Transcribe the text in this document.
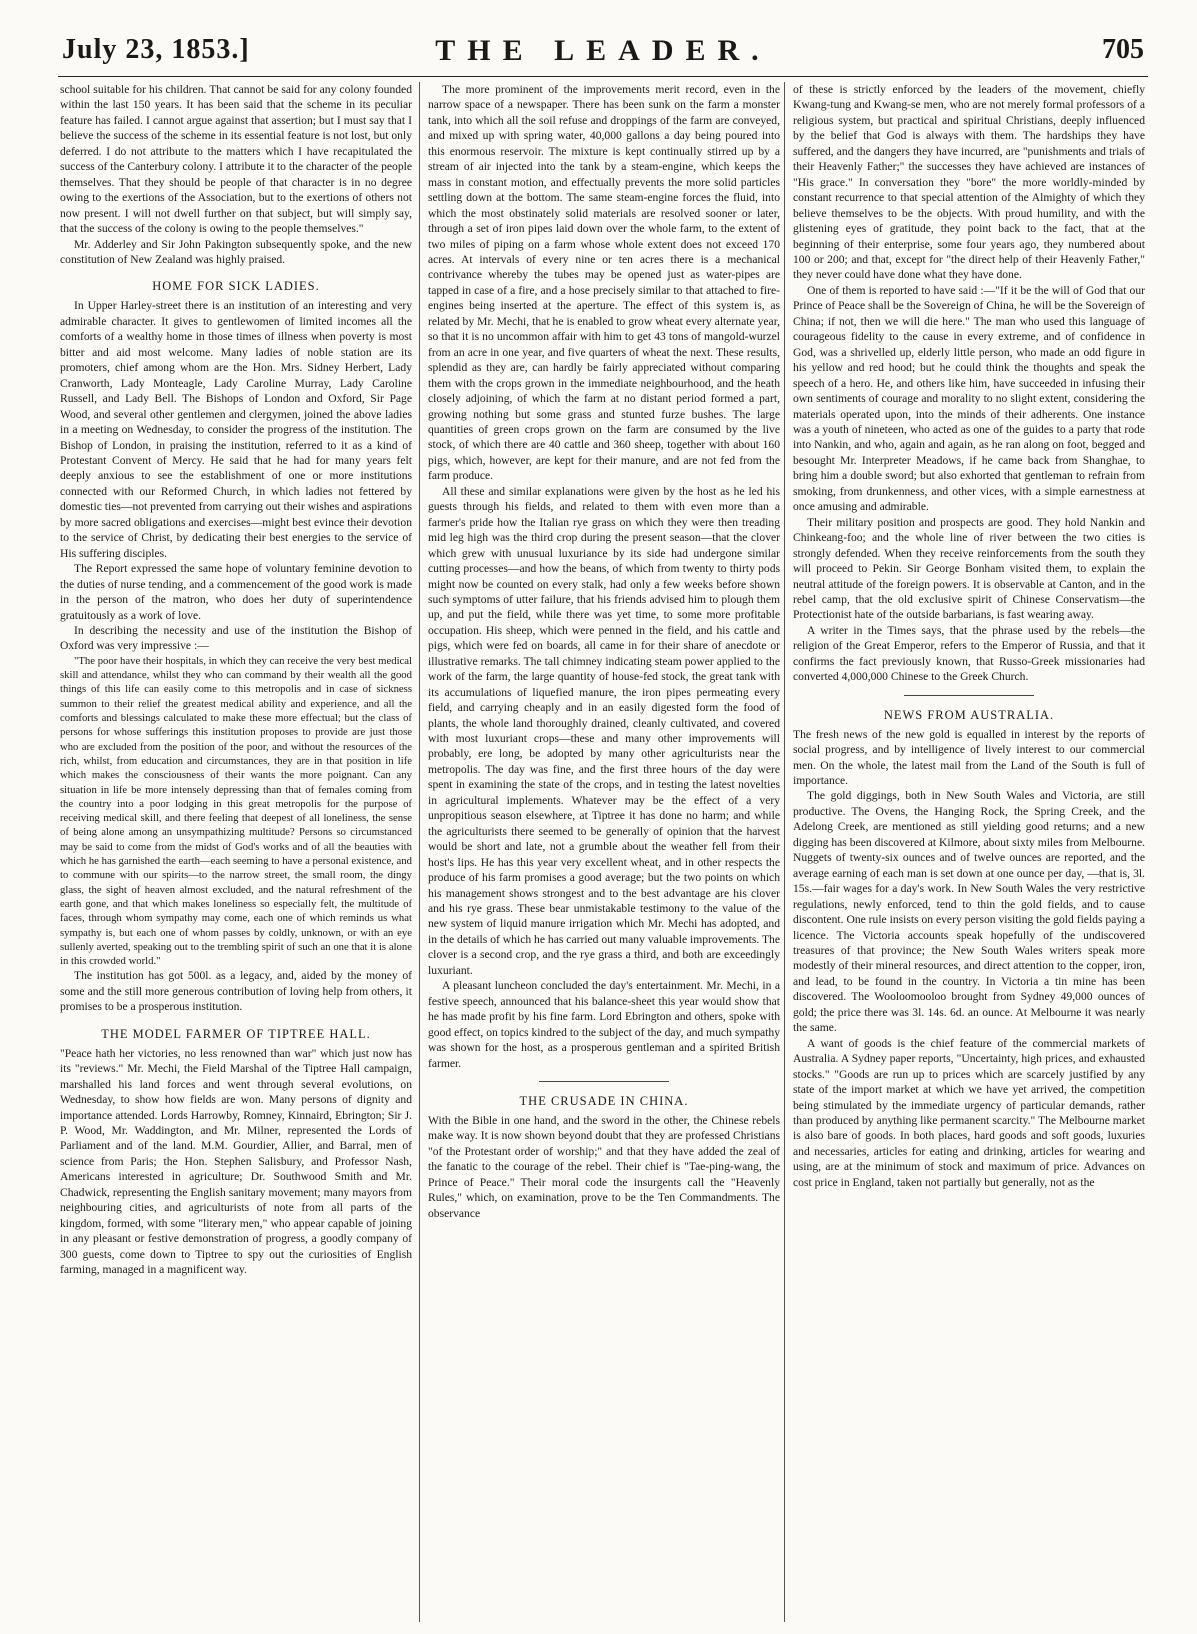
July 23, 1853.]	THE LEADER.	705

school suitable for his children. That cannot be said for any colony founded within the last 150 years. It has been said that the scheme in its peculiar feature has failed. I cannot argue against that assertion; but I must say that I believe the success of the scheme in its essential feature is not lost, but only deferred. I do not attribute to the matters which I have recapitulated the success of the Canterbury colony. I attribute it to the character of the people themselves. That they should be people of that character is in no degree owing to the exertions of the Association, but to the exertions of others not now present. I will not dwell further on that subject, but will simply say, that the success of the colony is owing to the people themselves."

Mr. Adderley and Sir John Pakington subsequently spoke, and the new constitution of New Zealand was highly praised.

HOME FOR SICK LADIES.

In Upper Harley-street there is an institution of an interesting and very admirable character. It gives to gentlewomen of limited incomes all the comforts of a wealthy home in those times of illness when poverty is most bitter and aid most welcome. Many ladies of noble station are its promoters, chief among whom are the Hon. Mrs. Sidney Herbert, Lady Cranworth, Lady Monteagle, Lady Caroline Murray, Lady Caroline Russell, and Lady Bell. The Bishops of London and Oxford, Sir Page Wood, and several other gentlemen and clergymen, joined the above ladies in a meeting on Wednesday, to consider the progress of the institution. The Bishop of London, in praising the institution, referred to it as a kind of Protestant Convent of Mercy. He said that he had for many years felt deeply anxious to see the establishment of one or more institutions connected with our Reformed Church, in which ladies not fettered by domestic ties—not prevented from carrying out their wishes and aspirations by more sacred obligations and exercises—might best evince their devotion to the service of Christ, by dedicating their best energies to the service of His suffering disciples.

The Report expressed the same hope of voluntary feminine devotion to the duties of nurse tending, and a commencement of the good work is made in the person of the matron, who does her duty of superintendence gratuitously as a work of love.

In describing the necessity and use of the institution the Bishop of Oxford was very impressive :—

"The poor have their hospitals, in which they can receive the very best medical skill and attendance, whilst they who can command by their wealth all the good things of this life can easily come to this metropolis and in case of sickness summon to their relief the greatest medical ability and experience, and all the comforts and blessings calculated to make these more effectual; but the class of persons for whose sufferings this institution proposes to provide are just those who are excluded from the position of the poor, and without the resources of the rich, whilst, from education and circumstances, they are in that position in life which makes the consciousness of their wants the more poignant. Can any situation in life be more intensely depressing than that of females coming from the country into a poor lodging in this great metropolis for the purpose of receiving medical skill, and there feeling that deepest of all loneliness, the sense of being alone among an unsympathizing multitude? Persons so circumstanced may be said to come from the midst of God's works and of all the beauties with which he has garnished the earth—each seeming to have a personal existence, and to commune with our spirits—to the narrow street, the small room, the dingy glass, the sight of heaven almost excluded, and the natural refreshment of the earth gone, and that which makes loneliness so especially felt, the multitude of faces, through whom sympathy may come, each one of which reminds us what sympathy is, but each one of whom passes by coldly, unknown, or with an eye sullenly averted, speaking out to the trembling spirit of such an one that it is alone in this crowded world."

The institution has got 500l. as a legacy, and, aided by the money of some and the still more generous contribution of loving help from others, it promises to be a prosperous institution.

THE MODEL FARMER OF TIPTREE HALL.

"Peace hath her victories, no less renowned than war" which just now has its "reviews." Mr. Mechi, the Field Marshal of the Tiptree Hall campaign, marshalled his land forces and went through several evolutions, on Wednesday, to show how fields are won. Many persons of dignity and importance attended. Lords Harrowby, Romney, Kinnaird, Ebrington; Sir J. P. Wood, Mr. Waddington, and Mr. Milner, represented the Lords of Parliament and of the land. M.M. Gourdier, Allier, and Barral, men of science from Paris; the Hon. Stephen Salisbury, and Professor Nash, Americans interested in agriculture; Dr. Southwood Smith and Mr. Chadwick, representing the English sanitary movement; many mayors from neighbouring cities, and agriculturists of note from all parts of the kingdom, formed, with some "literary men," who appear capable of joining in any pleasant or festive demonstration of progress, a goodly company of 300 guests, come down to Tiptree to spy out the curiosities of English farming, managed in a magnificent way.

The more prominent of the improvements merit record, even in the narrow space of a newspaper. There has been sunk on the farm a monster tank, into which all the soil refuse and droppings of the farm are conveyed, and mixed up with spring water, 40,000 gallons a day being poured into this enormous reservoir. The mixture is kept continually stirred up by a stream of air injected into the tank by a steam-engine, which keeps the mass in constant motion, and effectually prevents the more solid particles settling down at the bottom. The same steam-engine forces the fluid, into which the most obstinately solid materials are resolved sooner or later, through a set of iron pipes laid down over the whole farm, to the extent of two miles of piping on a farm whose whole extent does not exceed 170 acres. At intervals of every nine or ten acres there is a mechanical contrivance whereby the tubes may be opened just as water-pipes are tapped in case of a fire, and a hose precisely similar to that attached to fire-engines being inserted at the aperture. The effect of this system is, as related by Mr. Mechi, that he is enabled to grow wheat every alternate year, so that it is no uncommon affair with him to get 43 tons of mangold-wurzel from an acre in one year, and five quarters of wheat the next. These results, splendid as they are, can hardly be fairly appreciated without comparing them with the crops grown in the immediate neighbourhood, and the heath closely adjoining, of which the farm at no distant period formed a part, growing nothing but some grass and stunted furze bushes. The large quantities of green crops grown on the farm are consumed by the live stock, of which there are 40 cattle and 360 sheep, together with about 160 pigs, which, however, are kept for their manure, and are not fed from the farm produce.

All these and similar explanations were given by the host as he led his guests through his fields, and related to them with even more than a farmer's pride how the Italian rye grass on which they were then treading mid leg high was the third crop during the present season—that the clover which grew with unusual luxuriance by its side had undergone similar cutting processes—and how the beans, of which from twenty to thirty pods might now be counted on every stalk, had only a few weeks before shown such symptoms of utter failure, that his friends advised him to plough them up, and put the field, while there was yet time, to some more profitable occupation. His sheep, which were penned in the field, and his cattle and pigs, which were fed on boards, all came in for their share of anecdote or illustrative remarks. The tall chimney indicating steam power applied to the work of the farm, the large quantity of house-fed stock, the great tank with its accumulations of liquefied manure, the iron pipes permeating every field, and carrying cheaply and in an easily digested form the food of plants, the whole land thoroughly drained, cleanly cultivated, and covered with most luxuriant crops—these and many other improvements will probably, ere long, be adopted by many other agriculturists near the metropolis. The day was fine, and the first three hours of the day were spent in examining the state of the crops, and in testing the latest novelties in agricultural implements. Whatever may be the effect of a very unpropitious season elsewhere, at Tiptree it has done no harm; and while the agriculturists there seemed to be generally of opinion that the harvest would be short and late, not a grumble about the weather fell from their host's lips. He has this year very excellent wheat, and in other respects the produce of his farm promises a good average; but the two points on which his management shows strongest and to the best advantage are his clover and his rye grass. These bear unmistakable testimony to the value of the new system of liquid manure irrigation which Mr. Mechi has adopted, and in the details of which he has carried out many valuable improvements. The clover is a second crop, and the rye grass a third, and both are exceedingly luxuriant.

A pleasant luncheon concluded the day's entertainment. Mr. Mechi, in a festive speech, announced that his balance-sheet this year would show that he has made profit by his fine farm. Lord Ebrington and others, spoke with good effect, on topics kindred to the subject of the day, and much sympathy was shown for the host, as a prosperous gentleman and a spirited British farmer.

THE CRUSADE IN CHINA.

With the Bible in one hand, and the sword in the other, the Chinese rebels make way. It is now shown beyond doubt that they are professed Christians "of the Protestant order of worship;" and that they have added the zeal of the fanatic to the courage of the rebel. Their chief is "Tae-ping-wang, the Prince of Peace." Their moral code the insurgents call the "Heavenly Rules," which, on examination, prove to be the Ten Commandments. The observance

of these is strictly enforced by the leaders of the movement, chiefly Kwang-tung and Kwang-se men, who are not merely formal professors of a religious system, but practical and spiritual Christians, deeply influenced by the belief that God is always with them. The hardships they have suffered, and the dangers they have incurred, are "punishments and trials of their Heavenly Father;" the successes they have achieved are instances of "His grace." In conversation they "bore" the more worldly-minded by constant recurrence to that special attention of the Almighty of which they believe themselves to be the objects. With proud humility, and with the glistening eyes of gratitude, they point back to the fact, that at the beginning of their enterprise, some four years ago, they numbered about 100 or 200; and that, except for "the direct help of their Heavenly Father," they never could have done what they have done.

One of them is reported to have said :—"If it be the will of God that our Prince of Peace shall be the Sovereign of China, he will be the Sovereign of China; if not, then we will die here." The man who used this language of courageous fidelity to the cause in every extreme, and of confidence in God, was a shrivelled up, elderly little person, who made an odd figure in his yellow and red hood; but he could think the thoughts and speak the speech of a hero. He, and others like him, have succeeded in infusing their own sentiments of courage and morality to no slight extent, considering the materials operated upon, into the minds of their adherents. One instance was a youth of nineteen, who acted as one of the guides to a party that rode into Nankin, and who, again and again, as he ran along on foot, begged and besought Mr. Interpreter Meadows, if he came back from Shanghae, to bring him a double sword; but also exhorted that gentleman to refrain from smoking, from drunkenness, and other vices, with a simple earnestness at once amusing and admirable.

Their military position and prospects are good. They hold Nankin and Chinkeang-foo; and the whole line of river between the two cities is strongly defended. When they receive reinforcements from the south they will proceed to Pekin. Sir George Bonham visited them, to explain the neutral attitude of the foreign powers. It is observable at Canton, and in the rebel camp, that the old exclusive spirit of Chinese Conservatism—the Protectionist hate of the outside barbarians, is fast wearing away.

A writer in the Times says, that the phrase used by the rebels—the religion of the Great Emperor, refers to the Emperor of Russia, and that it confirms the fact previously known, that Russo-Greek missionaries had converted 4,000,000 Chinese to the Greek Church.

NEWS FROM AUSTRALIA.

The fresh news of the new gold is equalled in interest by the reports of social progress, and by intelligence of lively interest to our commercial men. On the whole, the latest mail from the Land of the South is full of importance.

The gold diggings, both in New South Wales and Victoria, are still productive. The Ovens, the Hanging Rock, the Spring Creek, and the Adelong Creek, are mentioned as still yielding good returns; and a new digging has been discovered at Kilmore, about sixty miles from Melbourne. Nuggets of twenty-six ounces and of twelve ounces are reported, and the average earning of each man is set down at one ounce per day, —that is, 3l. 15s.—fair wages for a day's work. In New South Wales the very restrictive regulations, newly enforced, tend to thin the gold fields, and to cause discontent. One rule insists on every person visiting the gold fields paying a licence. The Victoria accounts speak hopefully of the undiscovered treasures of that province; the New South Wales writers speak more modestly of their mineral resources, and direct attention to the copper, iron, and lead, to be found in the country. In Victoria a tin mine has been discovered. The Wooloomooloo brought from Sydney 49,000 ounces of gold; the price there was 3l. 14s. 6d. an ounce. At Melbourne it was nearly the same.

A want of goods is the chief feature of the commercial markets of Australia. A Sydney paper reports, "Uncertainty, high prices, and exhausted stocks." "Goods are run up to prices which are scarcely justified by any state of the import market at which we have yet arrived, the competition being stimulated by the immediate urgency of particular demands, rather than produced by anything like permanent scarcity." The Melbourne market is also bare of goods. In both places, hard goods and soft goods, luxuries and necessaries, articles for eating and drinking, articles for wearing and using, are at the minimum of stock and maximum of price. Advances on cost price in England, taken not partially but generally, not as the
